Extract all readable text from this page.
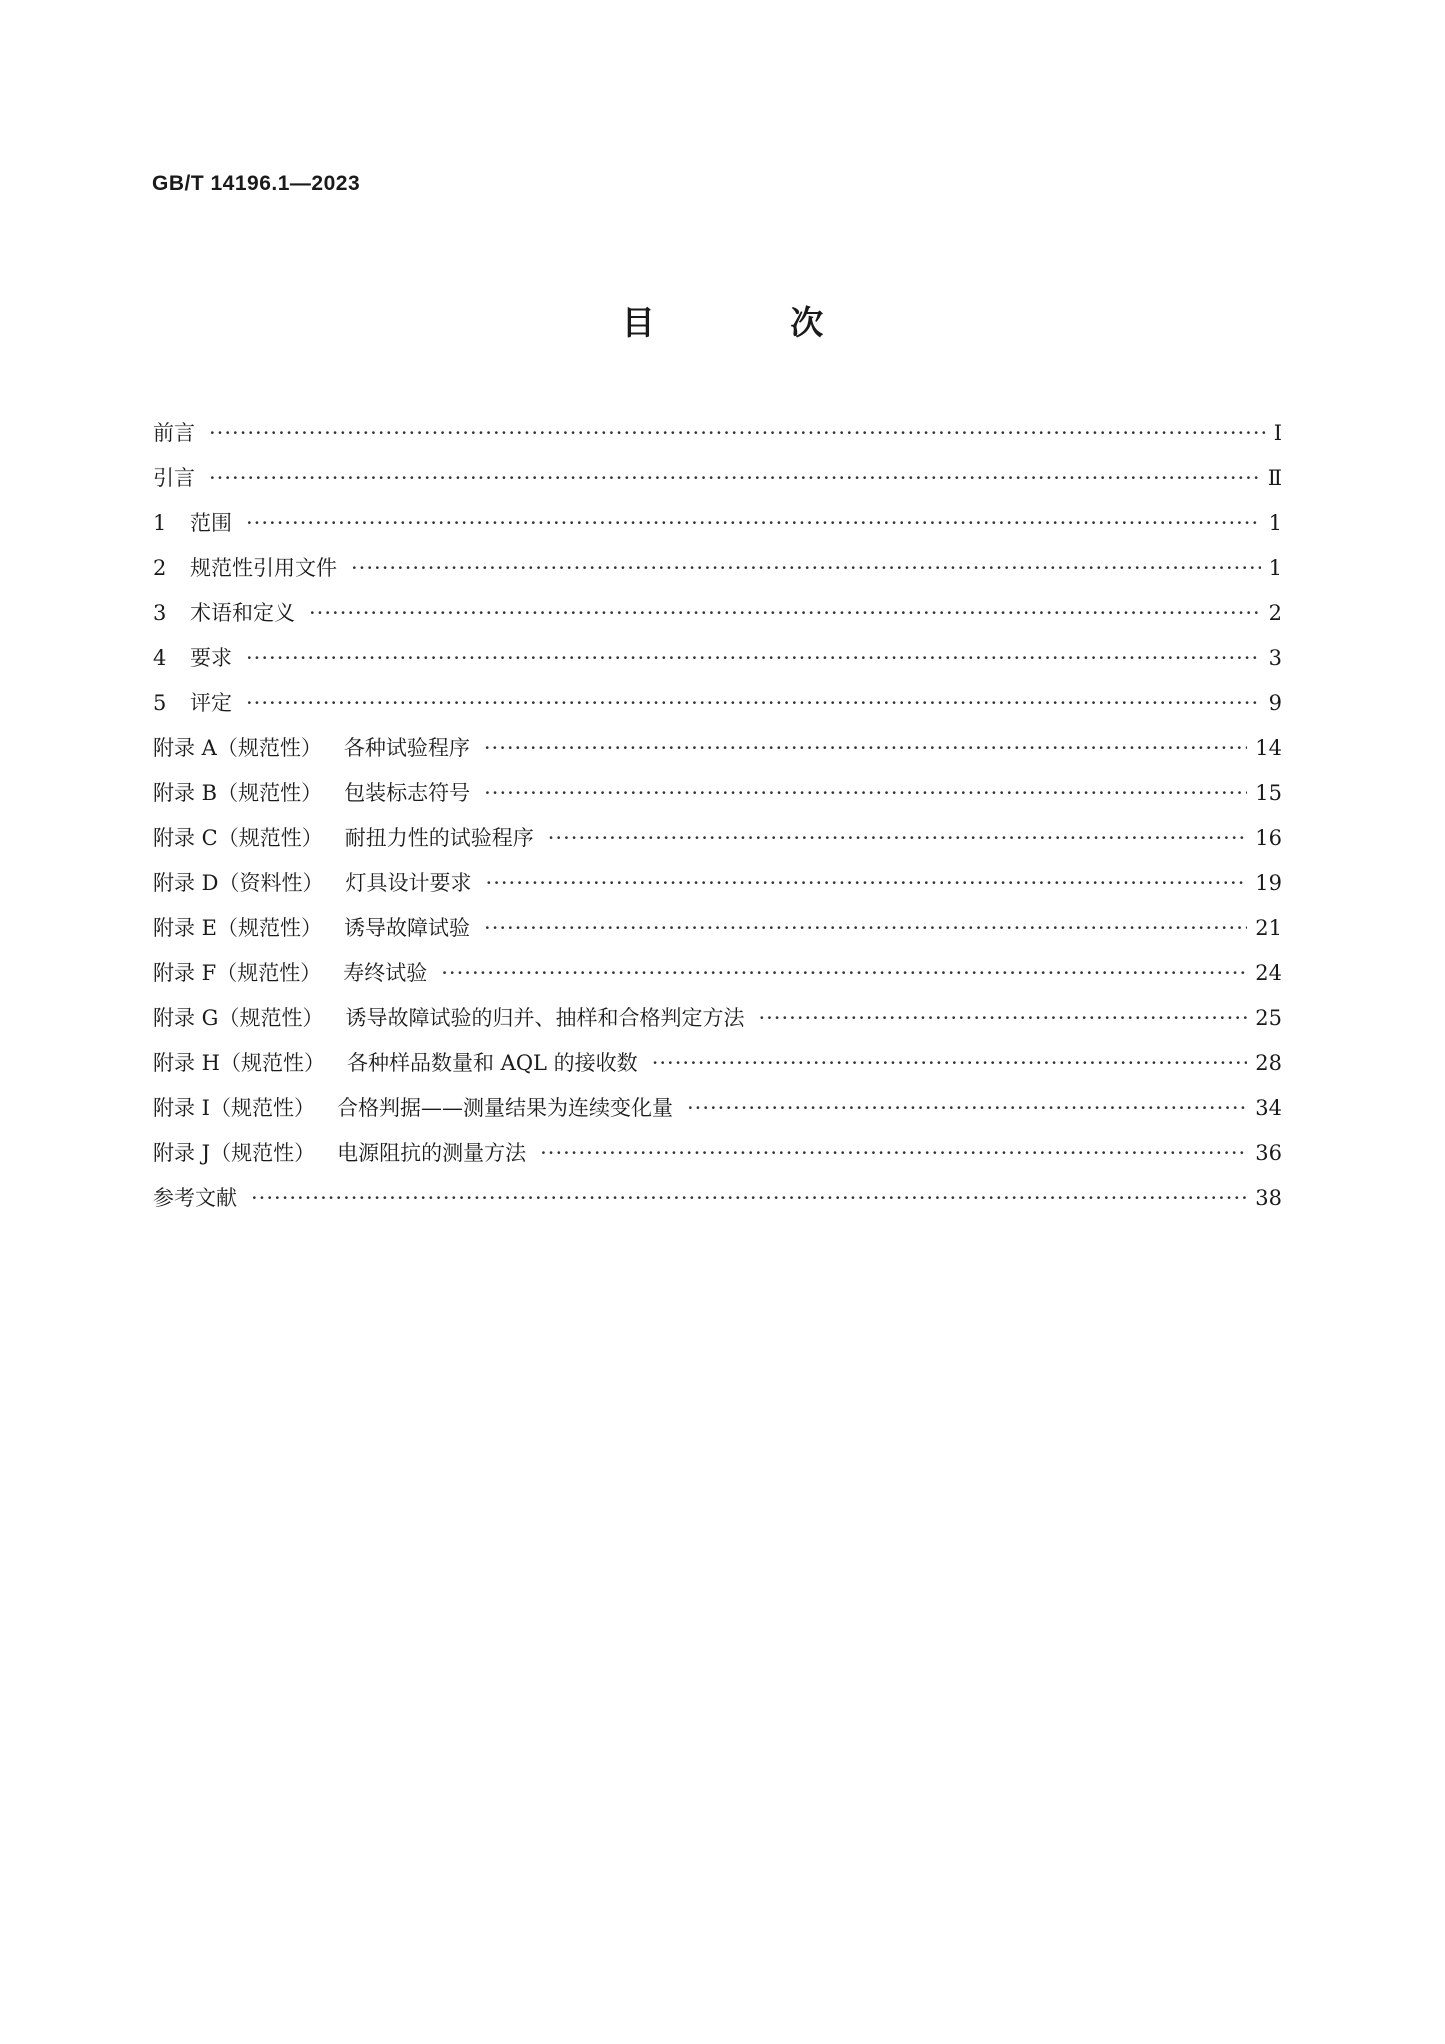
GB/T 14196.1—2023

目 次
前言 ·····	Ⅰ
引言 ·····	Ⅱ
1	范围 ·····	1
2	规范性引用文件 ·····	1
3	术语和定义 ·····	2
4	要求 ·····	3
5	评定 ·····	9
附录 A（规范性） 各种试验程序 ·····	14
附录 B（规范性） 包装标志符号 ·····	15
附录 C（规范性） 耐扭力性的试验程序 ·····	16
附录 D（资料性） 灯具设计要求 ·····	19
附录 E（规范性） 诱导故障试验 ·····	21
附录 F（规范性） 寿终试验 ·····	24
附录 G（规范性） 诱导故障试验的归并、抽样和合格判定方法 ·····	25
附录 H（规范性） 各种样品数量和 AQL 的接收数 ·····	28
附录 I（规范性） 合格判据——测量结果为连续变化量 ·····	34
附录 J（规范性） 电源阻抗的测量方法 ·····	36
参考文献 ·····	38
